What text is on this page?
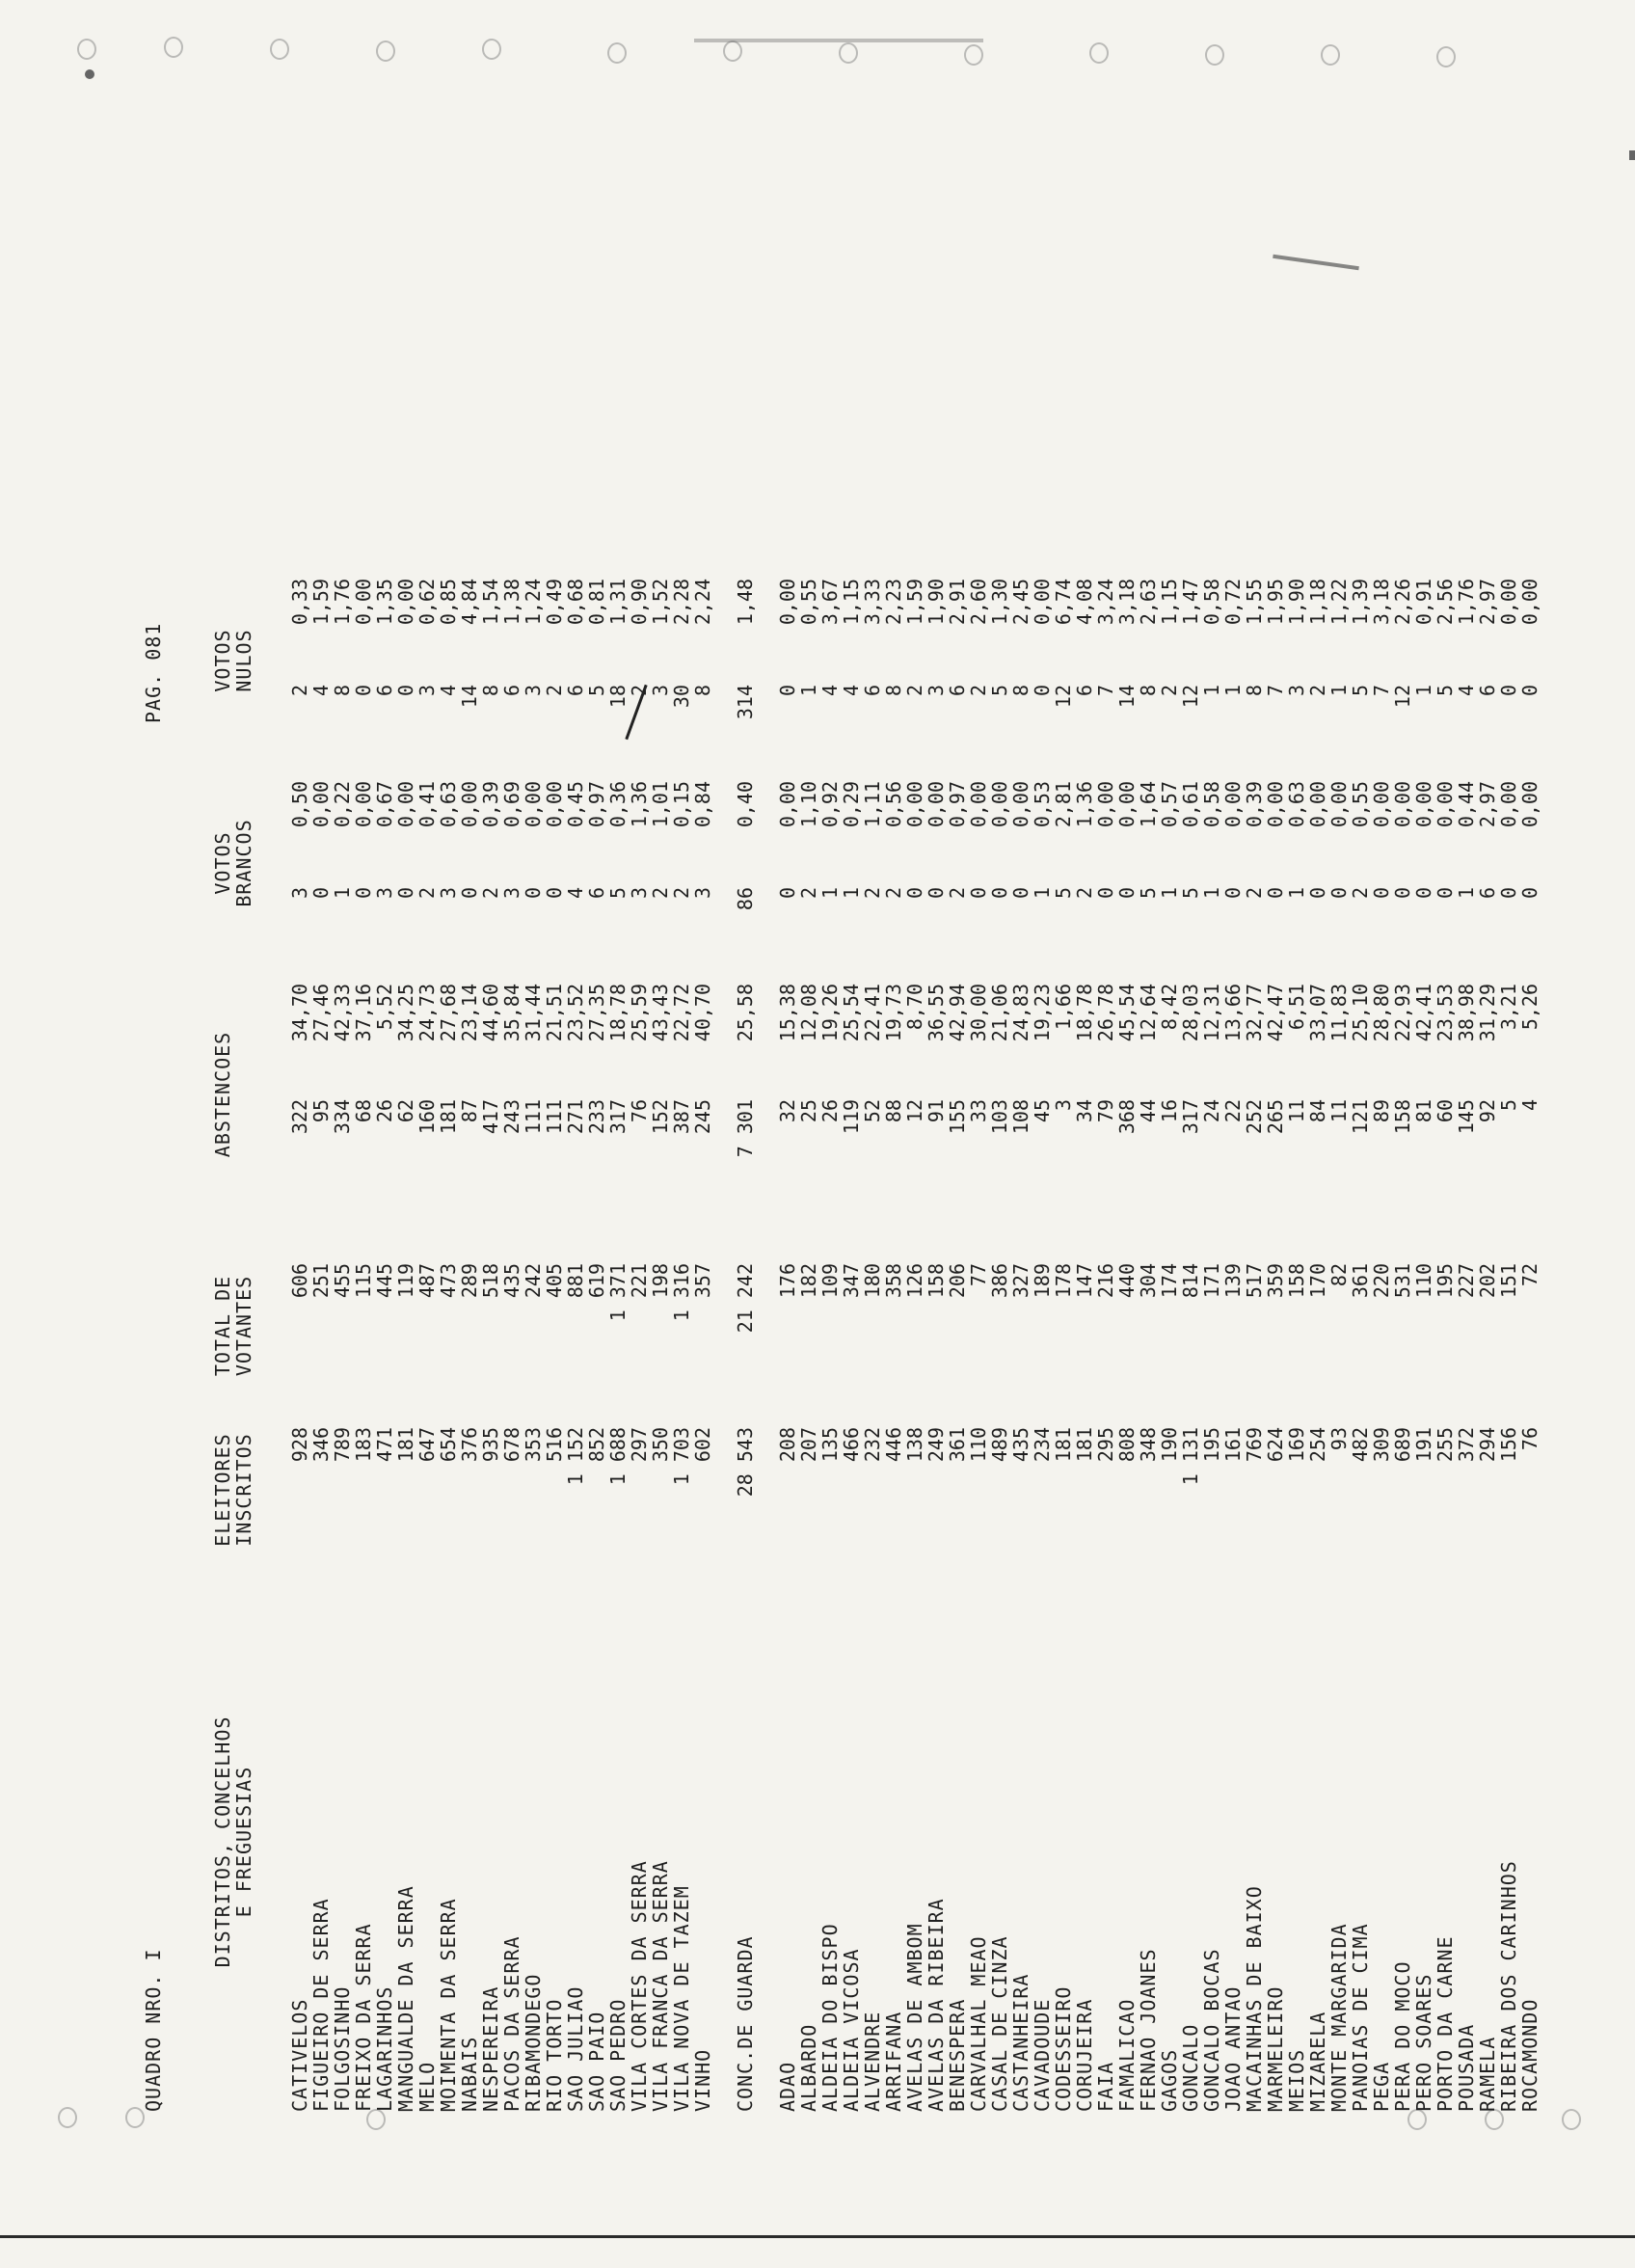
QUADRO NRO. I
PAG. 081
DISTRITOS, CONCELHOS
E FREGUESIAS
ELEITORES
INSCRITOS
TOTAL DE
VOTANTES
ABSTENCOES
VOTOS
BRANCOS
VOTOS
NULOS
CATIVELOS
928
606
322
34,70
3
0,50
2
0,33
FIGUEIRO DE SERRA
346
251
95
27,46
0
0,00
4
1,59
FOLGOSINHO
789
455
334
42,33
1
0,22
8
1,76
FREIXO DA SERRA
183
115
68
37,16
0
0,00
0
0,00
LAGARINHOS
471
445
26
5,52
3
0,67
6
1,35
MANGUALDE DA SERRA
181
119
62
34,25
0
0,00
0
0,00
MELO
647
487
160
24,73
2
0,41
3
0,62
MOIMENTA DA SERRA
654
473
181
27,68
3
0,63
4
0,85
NABAIS
376
289
87
23,14
0
0,00
14
4,84
NESPEREIRA
935
518
417
44,60
2
0,39
8
1,54
PACOS DA SERRA
678
435
243
35,84
3
0,69
6
1,38
RIBAMONDEGO
353
242
111
31,44
0
0,00
3
1,24
RIO TORTO
516
405
111
21,51
0
0,00
2
0,49
SAO JULIAO
1 152
881
271
23,52
4
0,45
6
0,68
SAO PAIO
852
619
233
27,35
6
0,97
5
0,81
SAO PEDRO
1 688
1 371
317
18,78
5
0,36
18
1,31
VILA CORTES DA SERRA
297
221
76
25,59
3
1,36
2
0,90
VILA FRANCA DA SERRA
350
198
152
43,43
2
1,01
3
1,52
VILA NOVA DE TAZEM
1 703
1 316
387
22,72
2
0,15
30
2,28
VINHO
602
357
245
40,70
3
0,84
8
2,24
CONC.DE GUARDA
28 543
21 242
7 301
25,58
86
0,40
314
1,48
ADAO
208
176
32
15,38
0
0,00
0
0,00
ALBARDO
207
182
25
12,08
2
1,10
1
0,55
ALDEIA DO BISPO
135
109
26
19,26
1
0,92
4
3,67
ALDEIA VICOSA
466
347
119
25,54
1
0,29
4
1,15
ALVENDRE
232
180
52
22,41
2
1,11
6
3,33
ARRIFANA
446
358
88
19,73
2
0,56
8
2,23
AVELAS DE AMBOM
138
126
12
8,70
0
0,00
2
1,59
AVELAS DA RIBEIRA
249
158
91
36,55
0
0,00
3
1,90
BENESPERA
361
206
155
42,94
2
0,97
6
2,91
CARVALHAL MEAO
110
77
33
30,00
0
0,00
2
2,60
CASAL DE CINZA
489
386
103
21,06
0
0,00
5
1,30
CASTANHEIRA
435
327
108
24,83
0
0,00
8
2,45
CAVADOUDE
234
189
45
19,23
1
0,53
0
0,00
CODESSEIRO
181
178
3
1,66
5
2,81
12
6,74
CORUJEIRA
181
147
34
18,78
2
1,36
6
4,08
FAIA
295
216
79
26,78
0
0,00
7
3,24
FAMALICAO
808
440
368
45,54
0
0,00
14
3,18
FERNAO JOANES
348
304
44
12,64
5
1,64
8
2,63
GAGOS
190
174
16
8,42
1
0,57
2
1,15
GONCALO
1 131
814
317
28,03
5
0,61
12
1,47
GONCALO BOCAS
195
171
24
12,31
1
0,58
1
0,58
JOAO ANTAO
161
139
22
13,66
0
0,00
1
0,72
MACAINHAS DE BAIXO
769
517
252
32,77
2
0,39
8
1,55
MARMELEIRO
624
359
265
42,47
0
0,00
7
1,95
MEIOS
169
158
11
6,51
1
0,63
3
1,90
MIZARELA
254
170
84
33,07
0
0,00
2
1,18
MONTE MARGARIDA
93
82
11
11,83
0
0,00
1
1,22
PANOIAS DE CIMA
482
361
121
25,10
2
0,55
5
1,39
PEGA
309
220
89
28,80
0
0,00
7
3,18
PERA DO MOCO
689
531
158
22,93
0
0,00
12
2,26
PERO SOARES
191
110
81
42,41
0
0,00
1
0,91
PORTO DA CARNE
255
195
60
23,53
0
0,00
5
2,56
POUSADA
372
227
145
38,98
1
0,44
4
1,76
RAMELA
294
202
92
31,29
6
2,97
6
2,97
RIBEIRA DOS CARINHOS
156
151
5
3,21
0
0,00
0
0,00
ROCAMONDO
76
72
4
5,26
0
0,00
0
0,00
